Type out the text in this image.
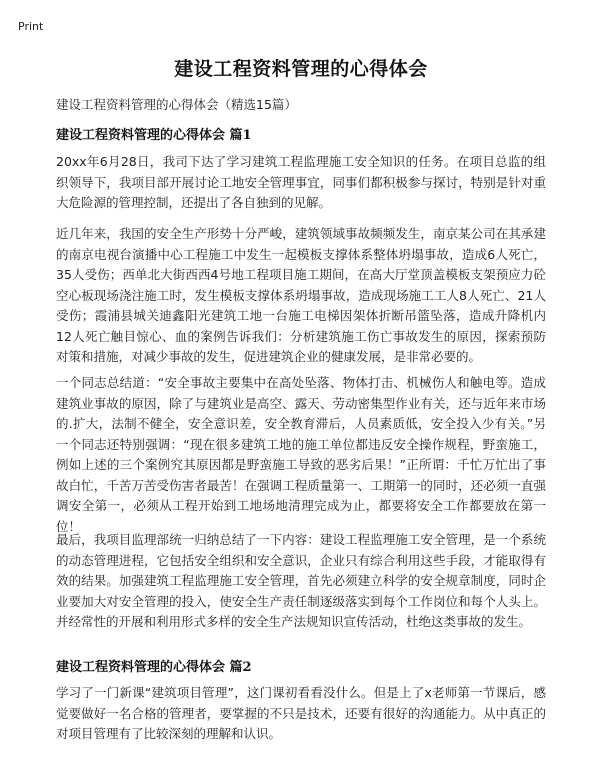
Print
建设工程资料管理的心得体会
建设工程资料管理的心得体会（精选15篇）
建设工程资料管理的心得体会 篇1
20xx年6月28日，我司下达了学习建筑工程监理施工安全知识的任务。在项目总监的组织领导下，我项目部开展讨论工地安全管理事宜，同事们都积极参与探讨，特别是针对重大危险源的管理控制，还提出了各自独到的见解。
近几年来，我国的安全生产形势十分严峻，建筑领域事故频频发生，南京某公司在其承建的南京电视台演播中心工程施工中发生一起模板支撑体系整体坍塌事故，造成6人死亡，35人受伤；西单北大街西西4号地工程项目施工期间，在高大厅堂顶盖模板支架预应力砼空心板现场浇注施工时，发生模板支撑体系坍塌事故，造成现场施工工人8人死亡、21人受伤；霞浦县城关迪鑫阳光建筑工地一台施工电梯因架体折断吊篮坠落，造成升降机内12人死亡触目惊心、血的案例告诉我们：分析建筑施工伤亡事故发生的原因，探索预防对策和措施，对减少事故的发生，促进建筑企业的健康发展，是非常必要的。
一个同志总结道：“安全事故主要集中在高处坠落、物体打击、机械伤人和触电等。造成建筑业事故的原因，除了与建筑业是高空、露天、劳动密集型作业有关，还与近年来市场的.扩大，法制不健全，安全意识差，安全教育滞后，人员素质低，安全投入少有关。”另一个同志还特别强调：“现在很多建筑工地的施工单位都违反安全操作规程，野蛮施工，例如上述的三个案例究其原因都是野蛮施工导致的恶劣后果！”正所谓：千忙万忙出了事故白忙，千苦万苦受伤害者最苦！在强调工程质量第一、工期第一的同时，还必须一直强调安全第一，必须从工程开始到工地场地清理完成为止，都要将安全工作都要放在第一位！
最后，我项目监理部统一归纳总结了一下内容：建设工程监理施工安全管理，是一个系统的动态管理进程，它包括安全组织和安全意识，企业只有综合利用这些手段，才能取得有效的结果。加强建筑工程监理施工安全管理，首先必须建立科学的安全规章制度，同时企业要加大对安全管理的投入，使安全生产责任制逐级落实到每个工作岗位和每个人头上。并经常性的开展和利用形式多样的安全生产法规知识宣传活动，杜绝这类事故的发生。
建设工程资料管理的心得体会 篇2
学习了一门新课“建筑项目管理”，这门课初看看没什么。但是上了x老师第一节课后，感觉要做好一名合格的管理者，要掌握的不只是技术，还要有很好的沟通能力。从中真正的对项目管理有了比较深刻的理解和认识。
